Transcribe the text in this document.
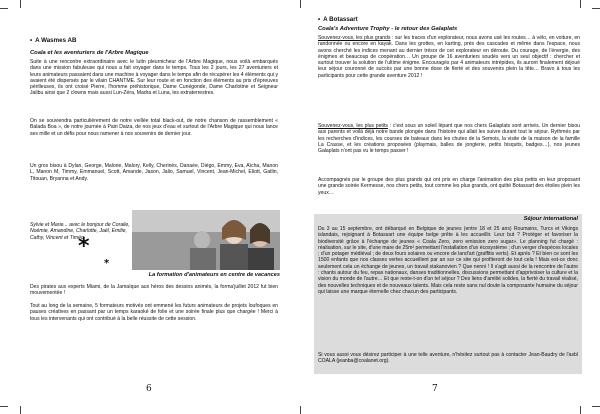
• A Wasmes AB
Coala et les aventuriers de l'Arbre Magique

Suite à une rencontre extraordinaire avec le lutin pleurnicheur de l'Arbre Magique, nous voilà embarqués dans une mission fabuleuse qui nous a fait voyager dans le temps. Tous les 2 jours, les 27 aventuriers et leurs animateurs passaient dans une machine à voyager dans le temps afin de récupérer les 4 éléments qui y avaient été dispersés par le vilain CHANTME. Sur leur route et en fonction des éléments au prix d'épreuves périlleuses, ils ont croisé Pierre, l'homme préhistorique, Dame Cunégonde, Dame Charlotine et Seigneur Jalibu ainsi que 2 clowns mais aussi Lun-Zéra, Madra et Luna, les extraterrestres.

On se souviendra particulièrement de notre veillée total black-out, de notre chanson de rassemblement « Balada Boa », de notre journée à Pairi Daiza, de nos jeux d'eau et surtout de l'Arbre Magique qui nous lance ses mille et un défis pour nous ramener à nos souvenirs de dernier jour.

Un gros bisou à Dylan, George, Malorie, Malory, Kelly, Cherinès, Danaée, Diégo, Emmy, Eva, Aïcha, Manon L, Manon M, Timmy, Emmanuel, Scott, Amande, Jason, Jalio, Samuel, Vincent, Jean-Michel, Eliott, Gatlin, Titouan, Bryanna et Andy.

Sylvie et Marie... avec le bonjour de Coralie, Noémie, Amandine, Charlotte, Jaël, Emilie, Cathy, Vincent et Timéo.

*
*
La formation d'animateurs en centre de vacances

Des pirates aux experts Miami, de la Jamaïque aux héros des dessins animés, la forma'juillet 2012 fut bien mouvementée !

Tout au long de la semaine, 5 formateurs motivés ont emmené les futurs animateurs de projets loufoques en pauses créatives en passant par un temps karaoké de folie et une soirée finale plus que chargée ! Merci à tous les intervenants qui ont contribué à la belle réussite de cette session.

6
• A Botassart
Coala's Adventure Trophy - le retour des Galaplats

Souvenez-vous, les plus grands : sur les traces d'un explorateur, nous avons usé les routes… à vélo, en voiture, en randonnée ou encore en kayak. Dans les grottes, en karting, près des cascades et même dans l'espace, nous avons cherché les indices menant au dernier trésor de cet explorateur en déroute. Du courage, de l'énergie, des énigmes et beaucoup de coopération… Un groupe de 16 aventuriers soudés vers un seul objectif : chercher et surtout trouver la solution de l'ultime énigme. Encouragés par 4 animateurs intrépides, ils auront finalement déjoué leur séjour couronné de succès par une bonne dose de fierté et des souvenirs plein la tête… Bravo à tous les participants pour cette grande aventure 2012 !

Souvenez-vous, les plus petits : c'est sous un soleil lèpant que nos chers Galaplats sont arrivés. Un dernier bisou aux parents et voilà déjà notre bande plongée dans l'histoire qui allait les suivre durant tout le séjour. Rythmés par les recherches d'indices, les courses de bateaux dans les chutes de la Semois, la visite de la maison de la famille La Crasse, et les créations proposées (playmais, balles de jonglerie, petits bisquits, badges…), nos jeunes Galaplats n'ont pas vu le temps passer !

Accompagnés par le groupe des plus grands qui ont pris en charge l'animation des plus petits en leur proposant une grande soirée Kermesse, nos chers petits, tout comme les plus grands, ont quitté Botassart des étoiles plein les yeux…

Séjour international

Du 3 au 15 septembre, ont débarqué en Belgique de jeunes (entre 18 et 25 ans) Roumains, Turcs et Vikings islandais, rejoignant à Botassart une équipe belge prête à les accueillir. Leur but ? Protéger et favoriser la biodiversité grâce à l'échange de jeunes « Coala Zero, zero emission zero sugar». Le planning fut chargé : réalisation, sur le site, d'une mare de 25m² permettant l'installation d'un écosystème ; d'un verger d'espèces locales ; d'un potager médiéval ; de deux fours solaires ou encore de land'art (graffitis verts). Et après ? Et bien ce sont les 1500 enfants que nos classes vertes accueillent par an sur ce site qui profiteront de tout cela ! Mais est-ce donc seulement cela un échange de jeunes, un travail stakanovien ? Que nenni ! Il s'agit aussi de la rencontre de l'autre : chants autour du feu, repas nationaux, danses traditionnelles, discussions permettant d'apprivoiser la culture et la vision du monde de l'autre… Et que reste-t-on d'un tel séjour ? Des liens d'amitié solides, la fierté du travail réalisé, des nouvelles techniques et de nouveaux talents. Mais cela reste sans nul doute la composante humaine du séjour qui laisse une marque éternelle chez chacun des participants.

Si vous aussi vous désirez participer à une telle aventure, n'hésitez surtout pas à contacter Jean-Baudry de l'asbl COALA (jeanba@coalanet.org).

7
